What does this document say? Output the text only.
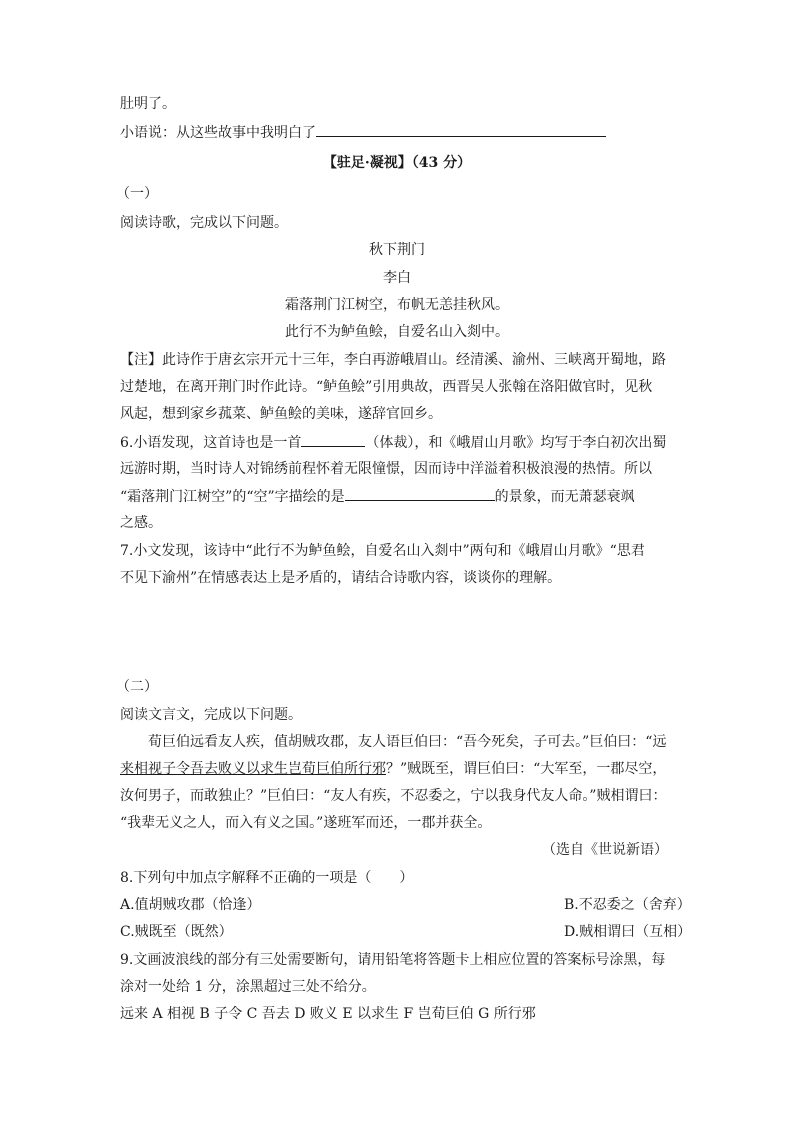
肚明了。
小语说：从这些故事中我明白了
【驻足·凝视】（43 分）
（一）
阅读诗歌，完成以下问题。
秋下荆门
李白
霜落荆门江树空，布帆无恙挂秋风。
此行不为鲈鱼鲙，自爱名山入剡中。
【注】此诗作于唐玄宗开元十三年，李白再游峨眉山。经清溪、渝州、三峡离开蜀地，路
过楚地，在离开荆门时作此诗。“鲈鱼鲙”引用典故，西晋吴人张翰在洛阳做官时，见秋
风起，想到家乡菰菜、鲈鱼鲙的美味，遂辞官回乡。
6.小语发现，这首诗也是一首	（体裁），和《峨眉山月歌》均写于李白初次出蜀
远游时期，当时诗人对锦绣前程怀着无限憧憬，因而诗中洋溢着积极浪漫的热情。所以
“霜落荆门江树空”的“空”字描绘的是	的景象，而无萧瑟衰飒
之感。
7.小文发现，该诗中“此行不为鲈鱼鲙，自爱名山入剡中”两句和《峨眉山月歌》“思君
不见下渝州”在情感表达上是矛盾的，请结合诗歌内容，谈谈你的理解。
（二）
阅读文言文，完成以下问题。
荀巨伯远看友人疾，值胡贼攻郡，友人语巨伯曰：“吾今死矣，子可去。”巨伯曰：“远
来相视子令吾去败义以求生岂荀巨伯所行邪？”贼既至，谓巨伯曰：“大军至，一郡尽空，
汝何男子，而敢独止？”巨伯曰：“友人有疾，不忍委之，宁以我身代友人命。”贼相谓曰：
“我辈无义之人，而入有义之国。”遂班军而还，一郡并获全。
（选自《世说新语）
8.下列句中加点字解释不正确的一项是（　　）
A.值胡贼攻郡（恰逢）	B.不忍委之（舍弃）
C.贼既至（既然）	D.贼相谓曰（互相）
9.文画波浪线的部分有三处需要断句，请用铅笔将答题卡上相应位置的答案标号涂黑，每
涂对一处给 1 分，涂黑超过三处不给分。
远来 A 相视 B 子令 C 吾去 D 败义 E 以求生 F 岂荀巨伯 G 所行邪
